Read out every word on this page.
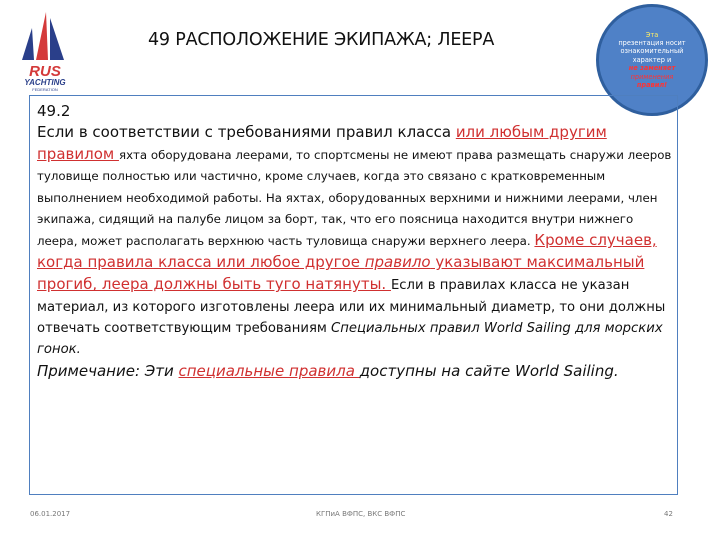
RUS
YACHTING
FEDERATION
49 РАСПОЛОЖЕНИЕ ЭКИПАЖА; ЛЕЕРА	Эта
презентация носит ознакомительный характер и
не заменяет
применения
правил!

49.2

Если в соответствии с требованиями правил класса или любым другим правилом яхта оборудована леерами, то спортсмены не имеют права размещать снаружи лееров туловище полностью или частично, кроме случаев, когда это связано с кратковременным выполнением необходимой работы. На яхтах, оборудованных верхними и нижними леерами, член экипажа, сидящий на палубе лицом за борт, так, что его поясница находится внутри нижнего леера, может располагать верхнюю часть туловища снаружи верхнего леера. Кроме случаев, когда правила класса или любое другое правило указывают максимальный прогиб, леера должны быть туго натянуты. Если в правилах класса не указан материал, из которого изготовлены леера или их минимальный диаметр, то они должны отвечать соответствующим требованиям Специальных правил World Sailing для морских гонок.

Примечание: Эти специальные правила доступны на сайте World Sailing.

06.01.2017	КГПиА ВФПС, ВКС ВФПС	42
